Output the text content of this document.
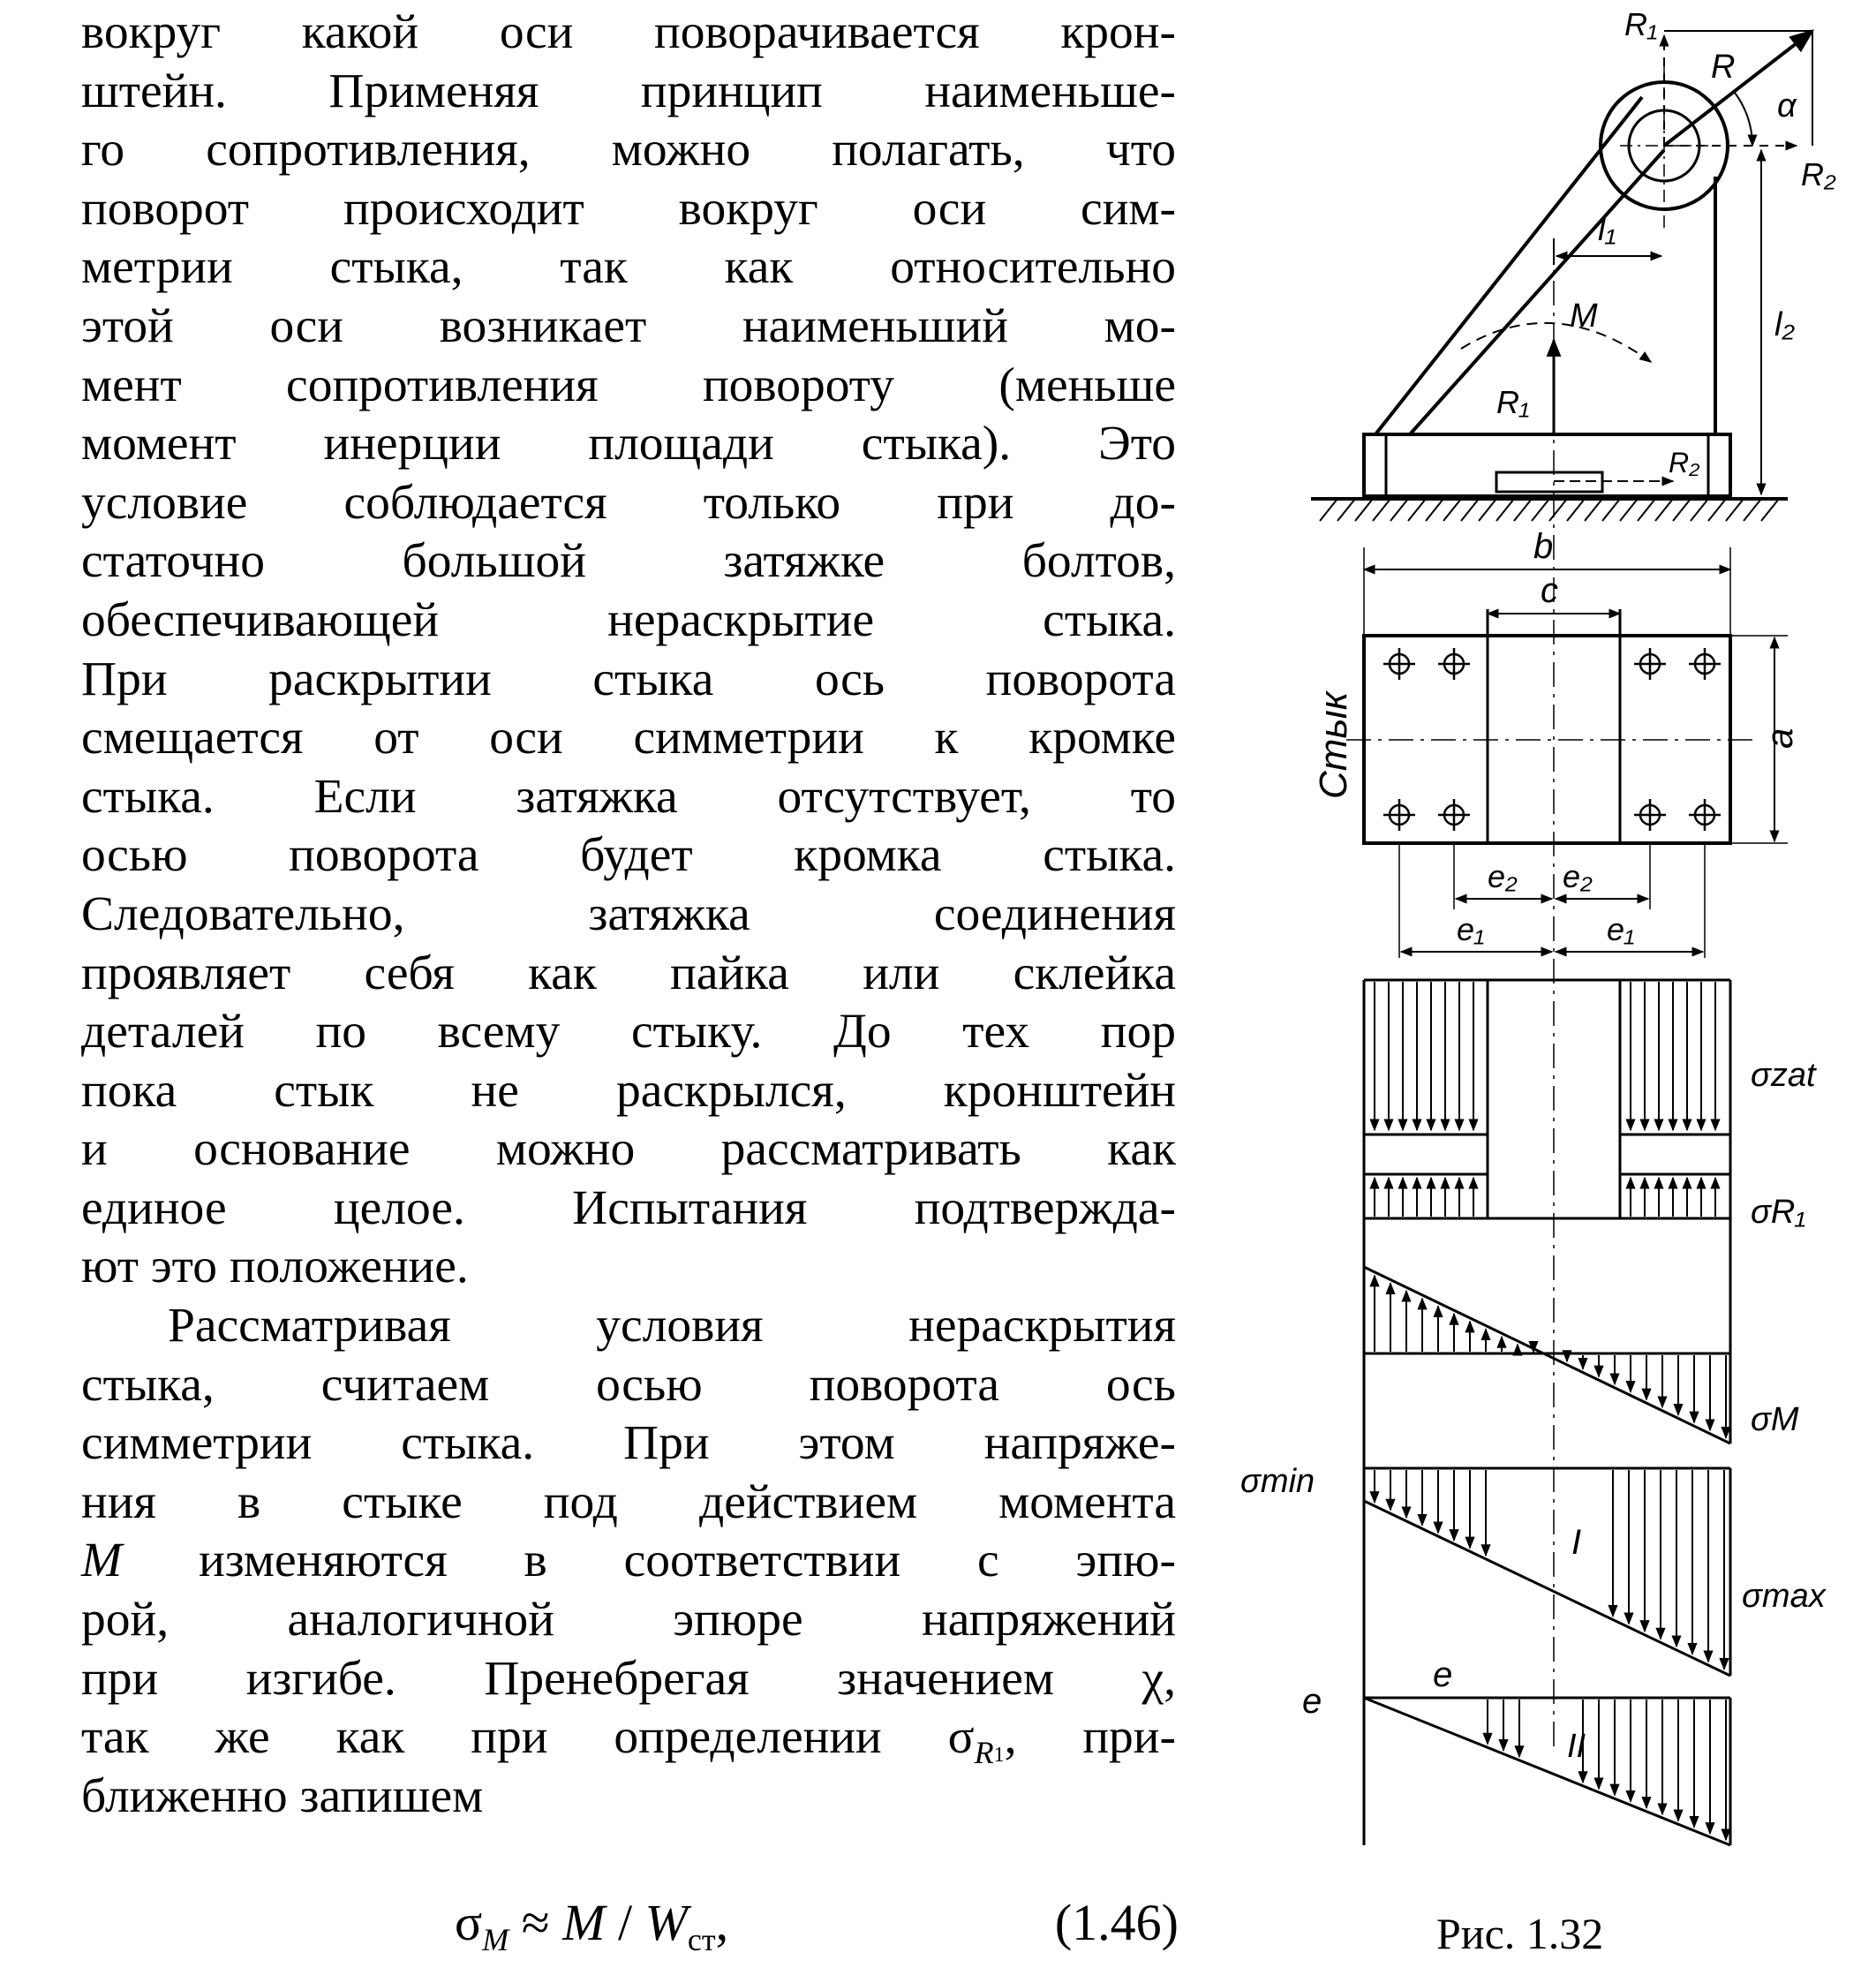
вокруг какой оси поворачивается крон-
штейн. Применяя принцип наименьше-
го сопротивления, можно полагать, что
поворот происходит вокруг оси сим-
метрии стыка, так как относительно
этой оси возникает наименьший мо-
мент сопротивления повороту (меньше
момент инерции площади стыка). Это
условие соблюдается только при до-
статочно большой затяжке болтов,
обеспечивающей нераскрытие стыка.
При раскрытии стыка ось поворота
смещается от оси симметрии к кромке
стыка. Если затяжка отсутствует, то
осью поворота будет кромка стыка.
Следовательно, затяжка соединения
проявляет себя как пайка или склейка
деталей по всему стыку. До тех пор
пока стык не раскрылся, кронштейн
и основание можно рассматривать как
единое целое. Испытания подтвержда-
ют это положение.
Рассматривая условия нераскрытия
стыка, считаем осью поворота ось
симметрии стыка. При этом напряже-
ния в стыке под действием момента
M изменяются в соответствии с эпю-
рой, аналогичной эпюре напряжений
при изгибе. Пренебрегая значением χ,
так же как при определении $\sigma_R1$, при-
ближенно запишем
$\sigma_M \approx M / W_{ст}$,	(1.46)
R₁
R
α
R₂
l₁
l₂
M
R₁
R₂
b
c
Стык	a
e₂ e₂
e₁	e₁
σzat
σR₁
σM
σmin
σmax
I
II
e
e
Рис. 1.32
